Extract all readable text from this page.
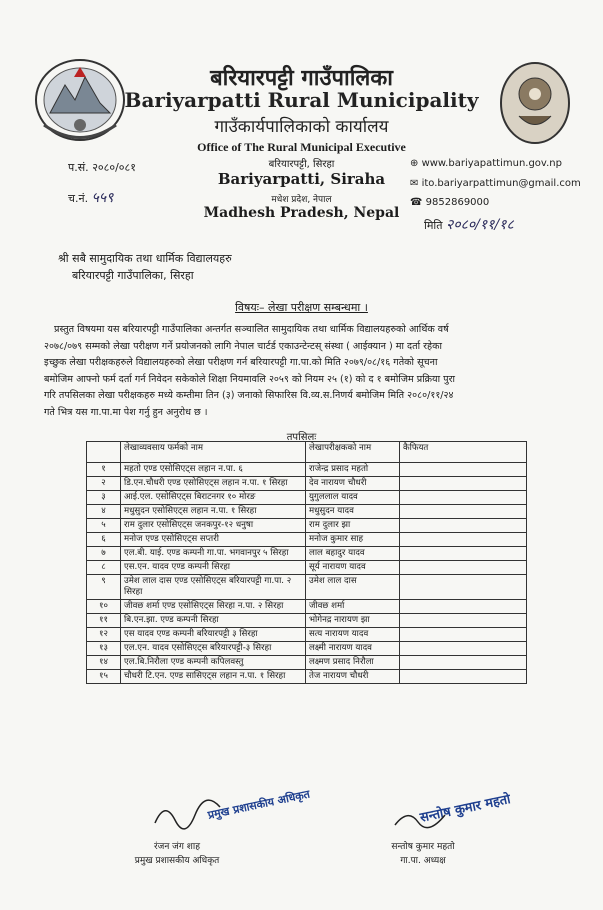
बरियारपट्टी गाउँपालिका
Bariyarpatti Rural Municipality
गाउँकार्यपालिकाको कार्यालय
Office of The Rural Municipal Executive
बरियारपट्टी, सिरहा
Bariyarpatti, Siraha
मधेश प्रदेश, नेपाल
Madhesh Pradesh, Nepal
प.सं. २०८०/०८१
च.नं. ५५९
⊕ www.bariyapattimun.gov.np
✉ ito.bariyarpattimun@gmail.com
☎ 9852869000
मिति २०८०/११/१८
श्री सबै सामुदायिक तथा धार्मिक विद्यालयहरु
बरियारपट्टी गाउँपालिका, सिरहा
विषयः– लेखा परीक्षण सम्बन्धमा ।
प्रस्तुत विषयमा यस बरियारपट्टी गाउँपालिका अन्तर्गत सञ्चालित सामुदायिक तथा धार्मिक विद्यालयहरुको आर्थिक वर्ष
२०७८/०७९ सम्मको लेखा परीक्षण गर्ने प्रयोजनको लागि नेपाल चार्टर्ड एकाउन्टेन्टस् संस्था ( आईक्यान ) मा दर्ता रहेका
इच्छुक लेखा परीक्षकहरुले विद्यालयहरुको लेखा परीक्षण गर्न बरियारपट्टी गा.पा.को मिति २०७९/०८/१६ गतेको सूचना
बमोजिम आफ्नो फर्म दर्ता गर्न निवेदन सकेकोले शिक्षा नियमावलि २०५९ को नियम २५ (१) को द १ बमोजिम प्रक्रिया पुरा
गरि तपसिलका लेखा परीक्षकहरु मध्ये कम्तीमा तिन (३) जनाको सिफारिस वि.व्य.स.निणर्य बमोजिम मिति २०८०/११/२४
गते भित्र यस गा.पा.मा पेश गर्नु हुन अनुरोध छ ।
तपसिलः
	लेखाव्यवसाय फर्मको नाम	लेखापरीक्षकको नाम	कैफियत
१	महतो एण्ड एसोसिएट्स लहान न.पा. ६	राजेन्द्र प्रसाद महतो	
२	डि.एन.चौधरी एण्ड एसोसिएट्स लहान न.पा. १ सिरहा	देव नारायण चौधरी	
३	आई.एल. एसोसिएट्स बिराटनगर १० मोरङ	युगुललाल यादव	
४	मधुसुदन एसोसिएट्स लहान न.पा. १ सिरहा	मधुसुदन यादव	
५	राम दुलार एसोसिएट्स जनकपुर-१२ धनुषा	राम दुलार झा	
६	मनोज एण्ड एसोसिएट्स सप्तरी	मनोज कुमार साह	
७	एल.बी. याई. एण्ड कम्पनी गा.पा. भगवानपुर ५ सिरहा	लाल बहादुर यादव	
८	एस.एन. यादव एण्ड कम्पनी सिरहा	सूर्य नारायण यादव	
९	उमेश लाल दास एण्ड एसोसिएट्स बरियारपट्टी गा.पा. २ सिरहा	उमेश लाल दास	
१०	जीवछ शर्मा एण्ड एसोसिएट्स सिरहा न.पा. २ सिरहा	जीवछ शर्मा	
११	बि.एन.झा. एण्ड कम्पनी सिरहा	भोगेनद्र नारायण झा	
१२	एस यादव एण्ड कम्पनी बरियारपट्टी ३ सिरहा	सत्य नारायण यादव	
१३	एल.एन. यादव एसोसिएट्स बरियारपट्टी-३ सिरहा	लक्ष्मी नारायण यादव	
१४	एल.बि.निरौला एण्ड कम्पनी कपिलवस्तु	लक्ष्मण प्रसाद निरौला	
१५	चौधरी टि.एन. एण्ड सासिएट्स लहान न.पा. १ सिरहा	तेज नारायण चौधरी	
प्रमुख प्रशासकीय अधिकृत	सन्तोष कुमार महतो
रंजन जंग शाह
प्रमुख प्रशासकीय अधिकृत
सन्तोष कुमार महतो
गा.पा. अध्यक्ष
